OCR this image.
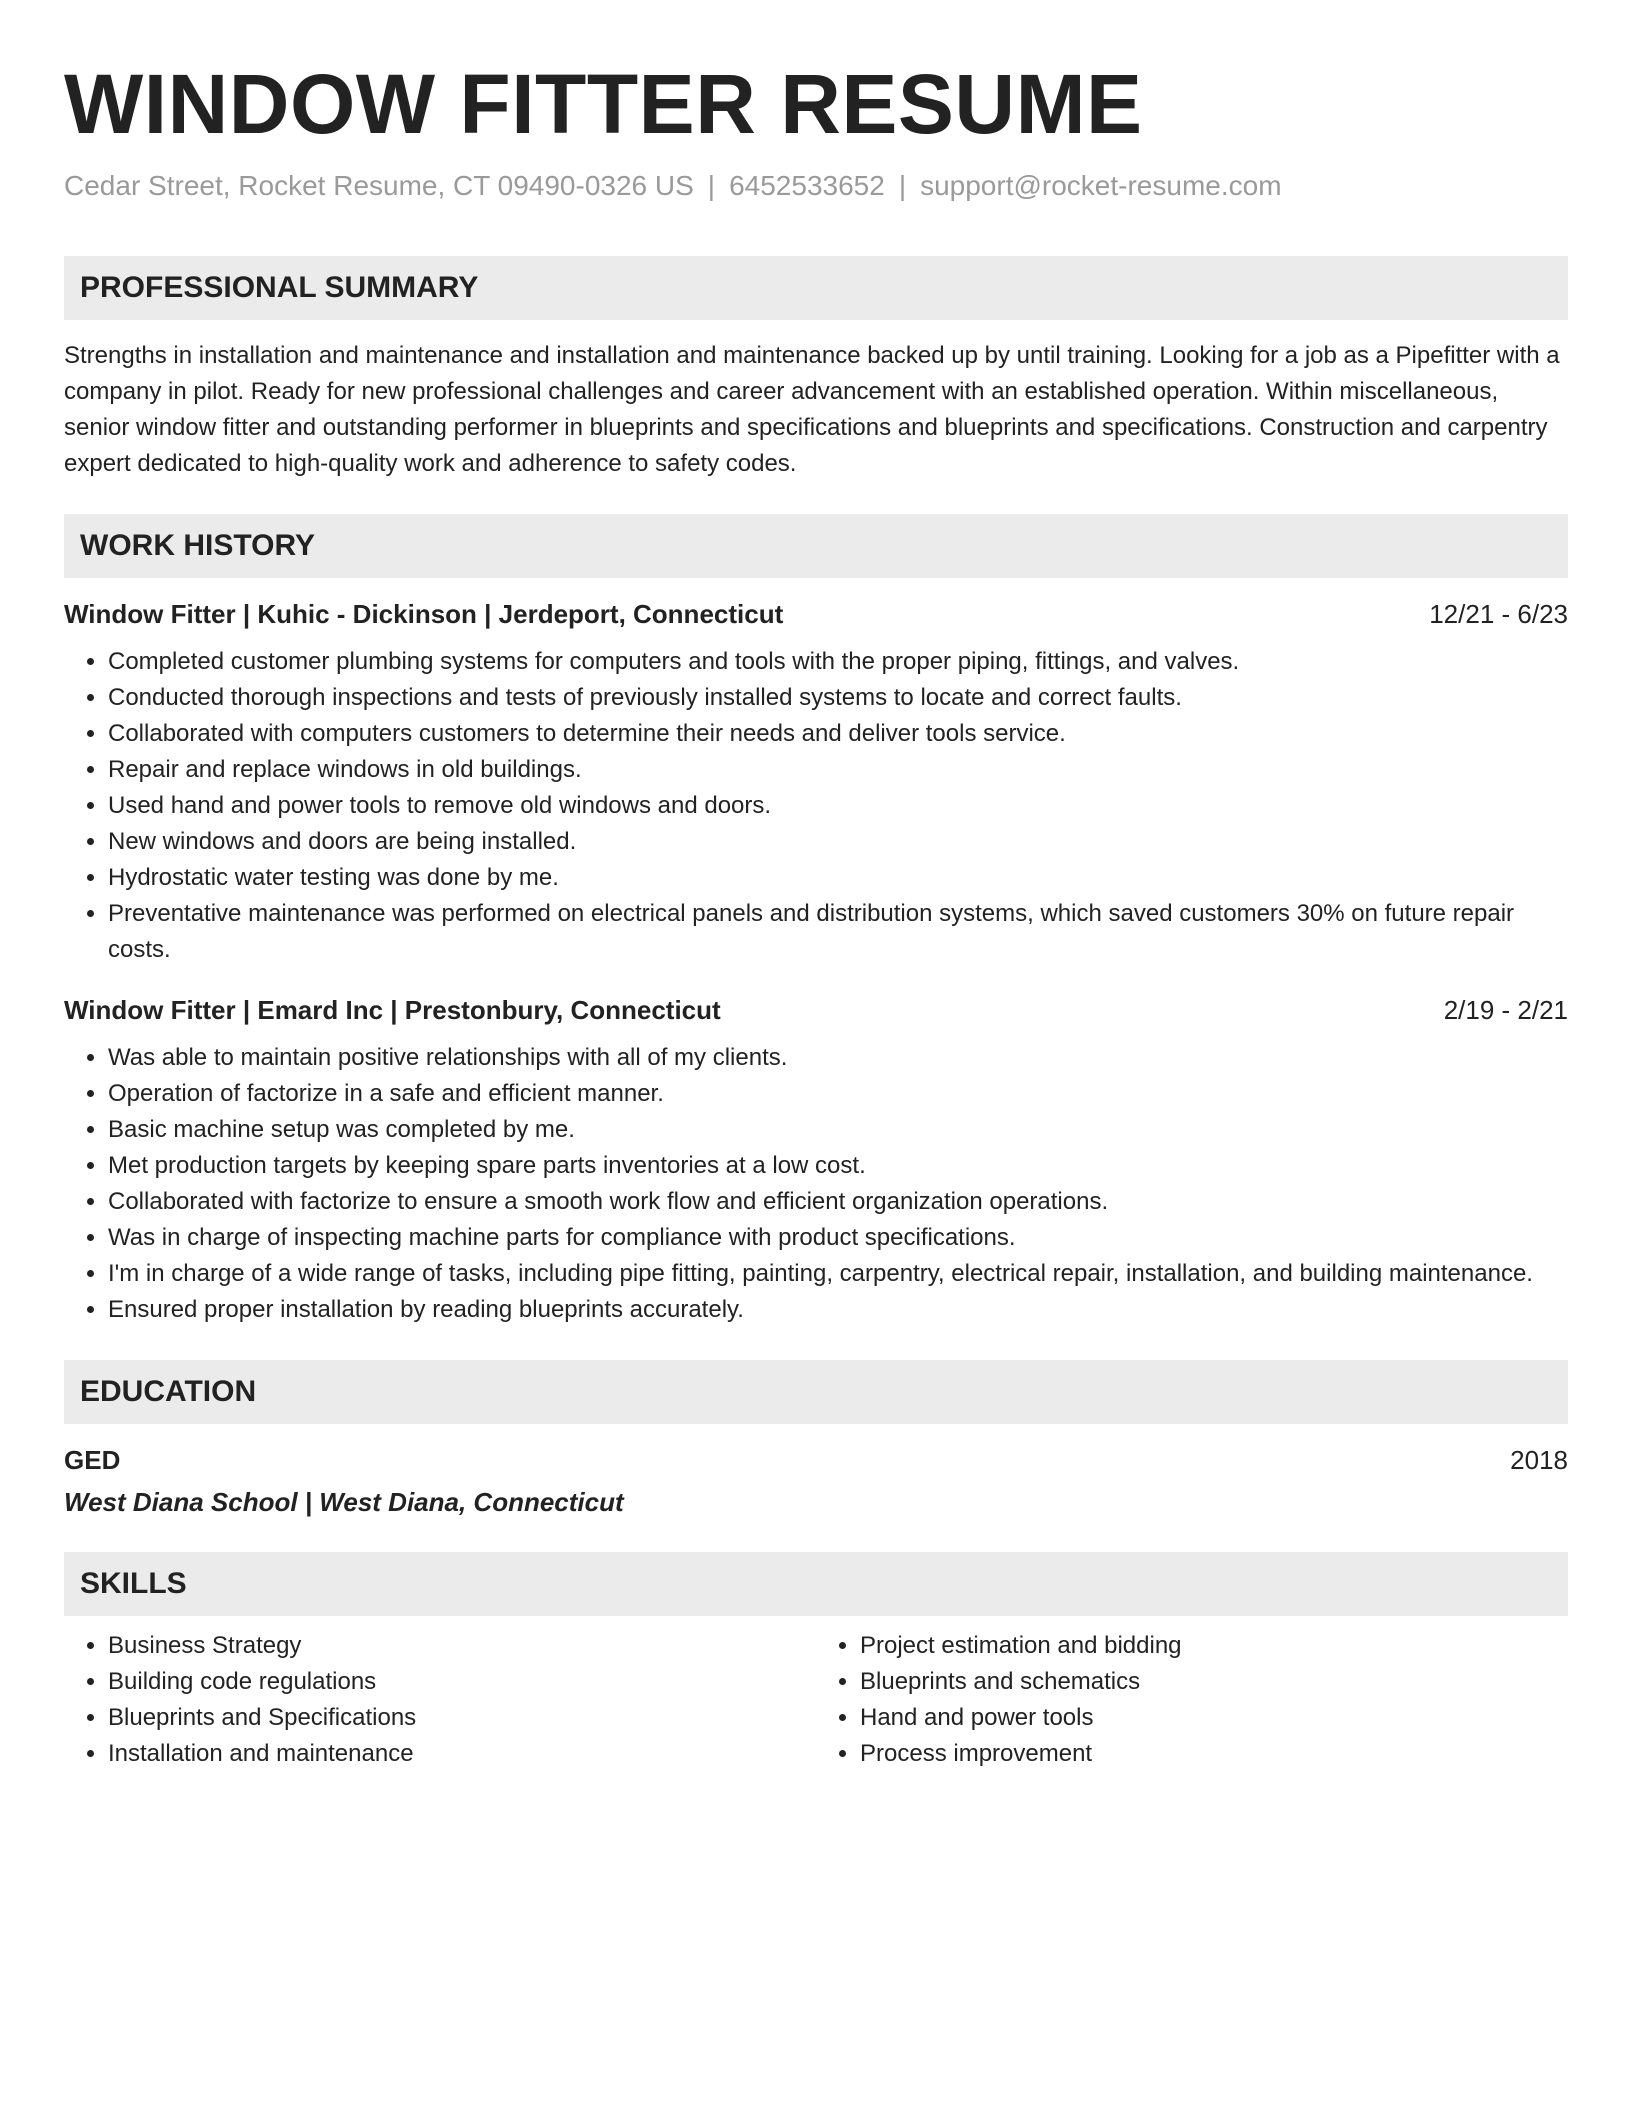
WINDOW FITTER RESUME
Cedar Street, Rocket Resume, CT 09490-0326 US | 6452533652 | support@rocket-resume.com
PROFESSIONAL SUMMARY
Strengths in installation and maintenance and installation and maintenance backed up by until training. Looking for a job as a Pipefitter with a company in pilot. Ready for new professional challenges and career advancement with an established operation. Within miscellaneous, senior window fitter and outstanding performer in blueprints and specifications and blueprints and specifications. Construction and carpentry expert dedicated to high-quality work and adherence to safety codes.
WORK HISTORY
Window Fitter | Kuhic - Dickinson | Jerdeport, Connecticut	12/21 - 6/23
• Completed customer plumbing systems for computers and tools with the proper piping, fittings, and valves.
• Conducted thorough inspections and tests of previously installed systems to locate and correct faults.
• Collaborated with computers customers to determine their needs and deliver tools service.
• Repair and replace windows in old buildings.
• Used hand and power tools to remove old windows and doors.
• New windows and doors are being installed.
• Hydrostatic water testing was done by me.
• Preventative maintenance was performed on electrical panels and distribution systems, which saved customers 30% on future repair costs.
Window Fitter | Emard Inc | Prestonbury, Connecticut	2/19 - 2/21
• Was able to maintain positive relationships with all of my clients.
• Operation of factorize in a safe and efficient manner.
• Basic machine setup was completed by me.
• Met production targets by keeping spare parts inventories at a low cost.
• Collaborated with factorize to ensure a smooth work flow and efficient organization operations.
• Was in charge of inspecting machine parts for compliance with product specifications.
• I'm in charge of a wide range of tasks, including pipe fitting, painting, carpentry, electrical repair, installation, and building maintenance.
• Ensured proper installation by reading blueprints accurately.
EDUCATION
GED	2018
West Diana School | West Diana, Connecticut
SKILLS
• Business Strategy
• Building code regulations
• Blueprints and Specifications
• Installation and maintenance
• Project estimation and bidding
• Blueprints and schematics
• Hand and power tools
• Process improvement
